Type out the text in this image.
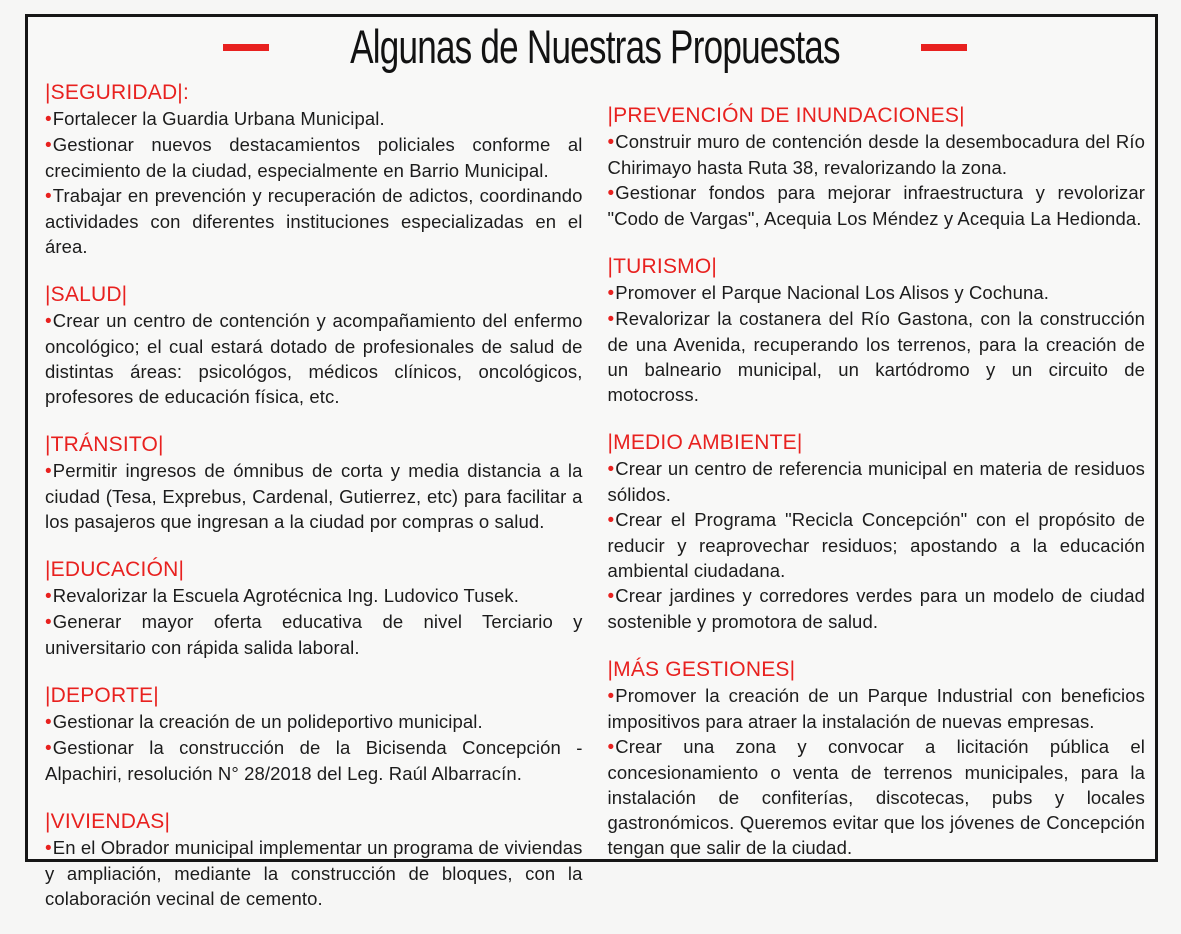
Algunas de Nuestras Propuestas
|SEGURIDAD|:

•Fortalecer la Guardia Urbana Municipal.

•Gestionar nuevos destacamientos policiales conforme al crecimiento de la ciudad, especialmente en Barrio Municipal.

•Trabajar en prevención y recuperación de adictos, coordinando actividades con diferentes instituciones especializadas en el área.

|SALUD|

•Crear un centro de contención y acompañamiento del enfermo oncológico; el cual estará dotado de profesionales de salud de distintas áreas: psicológos, médicos clínicos, oncológicos, profesores de educación física, etc.

|TRÁNSITO|

•Permitir ingresos de ómnibus de corta y media distancia a la ciudad (Tesa, Exprebus, Cardenal, Gutierrez, etc) para facilitar a los pasajeros que ingresan a la ciudad por compras o salud.

|EDUCACIÓN|

•Revalorizar la Escuela Agrotécnica Ing. Ludovico Tusek.

•Generar mayor oferta educativa de nivel Terciario y universitario con rápida salida laboral.

|DEPORTE|

•Gestionar la creación de un polideportivo municipal.

•Gestionar la construcción de la Bicisenda Concepción - Alpachiri, resolución N° 28/2018 del Leg. Raúl Albarracín.

|VIVIENDAS|

•En el Obrador municipal implementar un programa de viviendas y ampliación, mediante la construcción de bloques, con la colaboración vecinal de cemento.

|PREVENCIÓN DE INUNDACIONES|

•Construir muro de contención desde la desembocadura del Río Chirimayo hasta Ruta 38, revalorizando la zona.

•Gestionar fondos para mejorar infraestructura y revolorizar "Codo de Vargas", Acequia Los Méndez y Acequia La Hedionda.

|TURISMO|

•Promover el Parque Nacional Los Alisos y Cochuna.

•Revalorizar la costanera del Río Gastona, con la construcción de una Avenida, recuperando los terrenos, para la creación de un balneario municipal, un kartódromo y un circuito de motocross.

|MEDIO AMBIENTE|

•Crear un centro de referencia municipal en materia de residuos sólidos.

•Crear el Programa "Recicla Concepción" con el propósito de reducir y reaprovechar residuos; apostando a la educación ambiental ciudadana.

•Crear jardines y corredores verdes para un modelo de ciudad sostenible y promotora de salud.

|MÁS GESTIONES|

•Promover la creación de un Parque Industrial con beneficios impositivos para atraer la instalación de nuevas empresas.

•Crear una zona y convocar a licitación pública el concesionamiento o venta de terrenos municipales, para la instalación de confiterías, discotecas, pubs y locales gastronómicos. Queremos evitar que los jóvenes de Concepción tengan que salir de la ciudad.
